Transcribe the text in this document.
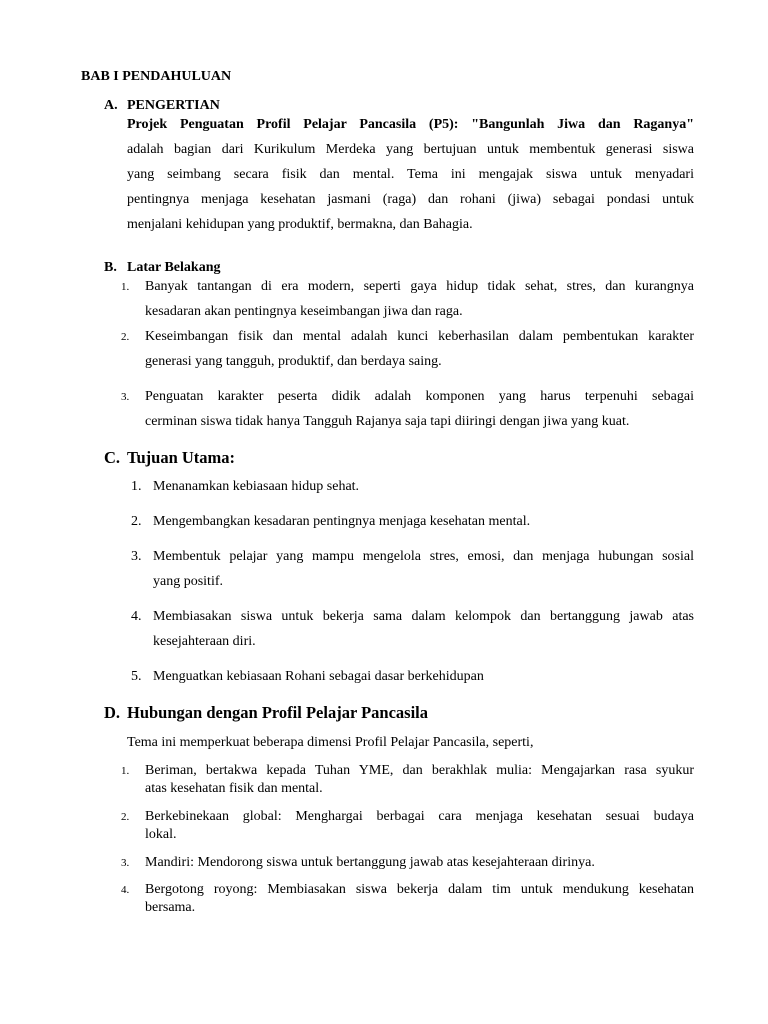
BAB I PENDAHULUAN

A. PENGERTIAN

Projek Penguatan Profil Pelajar Pancasila (P5): "Bangunlah Jiwa dan Raganya"

adalah bagian dari Kurikulum Merdeka yang bertujuan untuk membentuk generasi siswa

yang seimbang secara fisik dan mental. Tema ini mengajak siswa untuk menyadari

pentingnya menjaga kesehatan jasmani (raga) dan rohani (jiwa) sebagai pondasi untuk

menjalani kehidupan yang produktif, bermakna, dan Bahagia.

B. Latar Belakang

1. Banyak tantangan di era modern, seperti gaya hidup tidak sehat, stres, dan kurangnya

kesadaran akan pentingnya keseimbangan jiwa dan raga.

2. Keseimbangan fisik dan mental adalah kunci keberhasilan dalam pembentukan karakter

generasi yang tangguh, produktif, dan berdaya saing.

3. Penguatan karakter peserta didik adalah komponen yang harus terpenuhi sebagai

cerminan siswa tidak hanya Tangguh Rajanya saja tapi diiringi dengan jiwa yang kuat.

C. Tujuan Utama:

1. Menanamkan kebiasaan hidup sehat.

2. Mengembangkan kesadaran pentingnya menjaga kesehatan mental.

3. Membentuk pelajar yang mampu mengelola stres, emosi, dan menjaga hubungan sosial

yang positif.

4. Membiasakan siswa untuk bekerja sama dalam kelompok dan bertanggung jawab atas

kesejahteraan diri.

5. Menguatkan kebiasaan Rohani sebagai dasar berkehidupan

D. Hubungan dengan Profil Pelajar Pancasila

Tema ini memperkuat beberapa dimensi Profil Pelajar Pancasila, seperti,

1. Beriman, bertakwa kepada Tuhan YME, dan berakhlak mulia: Mengajarkan rasa syukur

atas kesehatan fisik dan mental.

2. Berkebinekaan global: Menghargai berbagai cara menjaga kesehatan sesuai budaya

lokal.

3. Mandiri: Mendorong siswa untuk bertanggung jawab atas kesejahteraan dirinya.

4. Bergotong royong: Membiasakan siswa bekerja dalam tim untuk mendukung kesehatan

bersama.
